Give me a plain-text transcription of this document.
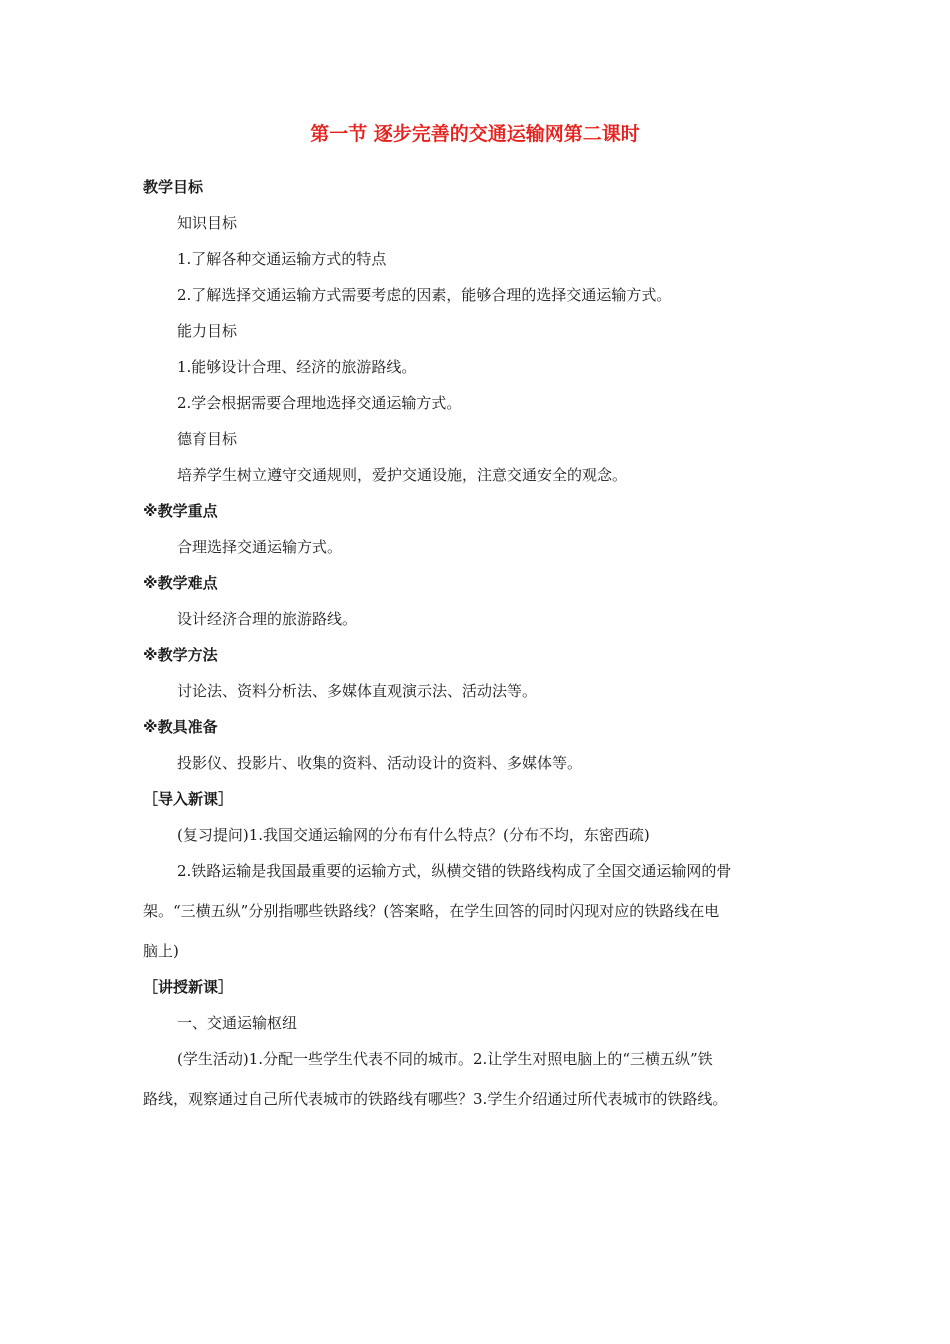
第一节 逐步完善的交通运输网第二课时
教学目标
知识目标
1.了解各种交通运输方式的特点
2.了解选择交通运输方式需要考虑的因素，能够合理的选择交通运输方式。
能力目标
1.能够设计合理、经济的旅游路线。
2.学会根据需要合理地选择交通运输方式。
德育目标
培养学生树立遵守交通规则，爱护交通设施，注意交通安全的观念。
※教学重点
合理选择交通运输方式。
※教学难点
设计经济合理的旅游路线。
※教学方法
讨论法、资料分析法、多媒体直观演示法、活动法等。
※教具准备
投影仪、投影片、收集的资料、活动设计的资料、多媒体等。
［导入新课］
(复习提问)1.我国交通运输网的分布有什么特点？(分布不均，东密西疏)
2.铁路运输是我国最重要的运输方式，纵横交错的铁路线构成了全国交通运输网的骨
架。“三横五纵”分别指哪些铁路线？(答案略，在学生回答的同时闪现对应的铁路线在电
脑上)
［讲授新课］
一、交通运输枢纽
(学生活动)1.分配一些学生代表不同的城市。2.让学生对照电脑上的“三横五纵”铁
路线，观察通过自己所代表城市的铁路线有哪些？3.学生介绍通过所代表城市的铁路线。
